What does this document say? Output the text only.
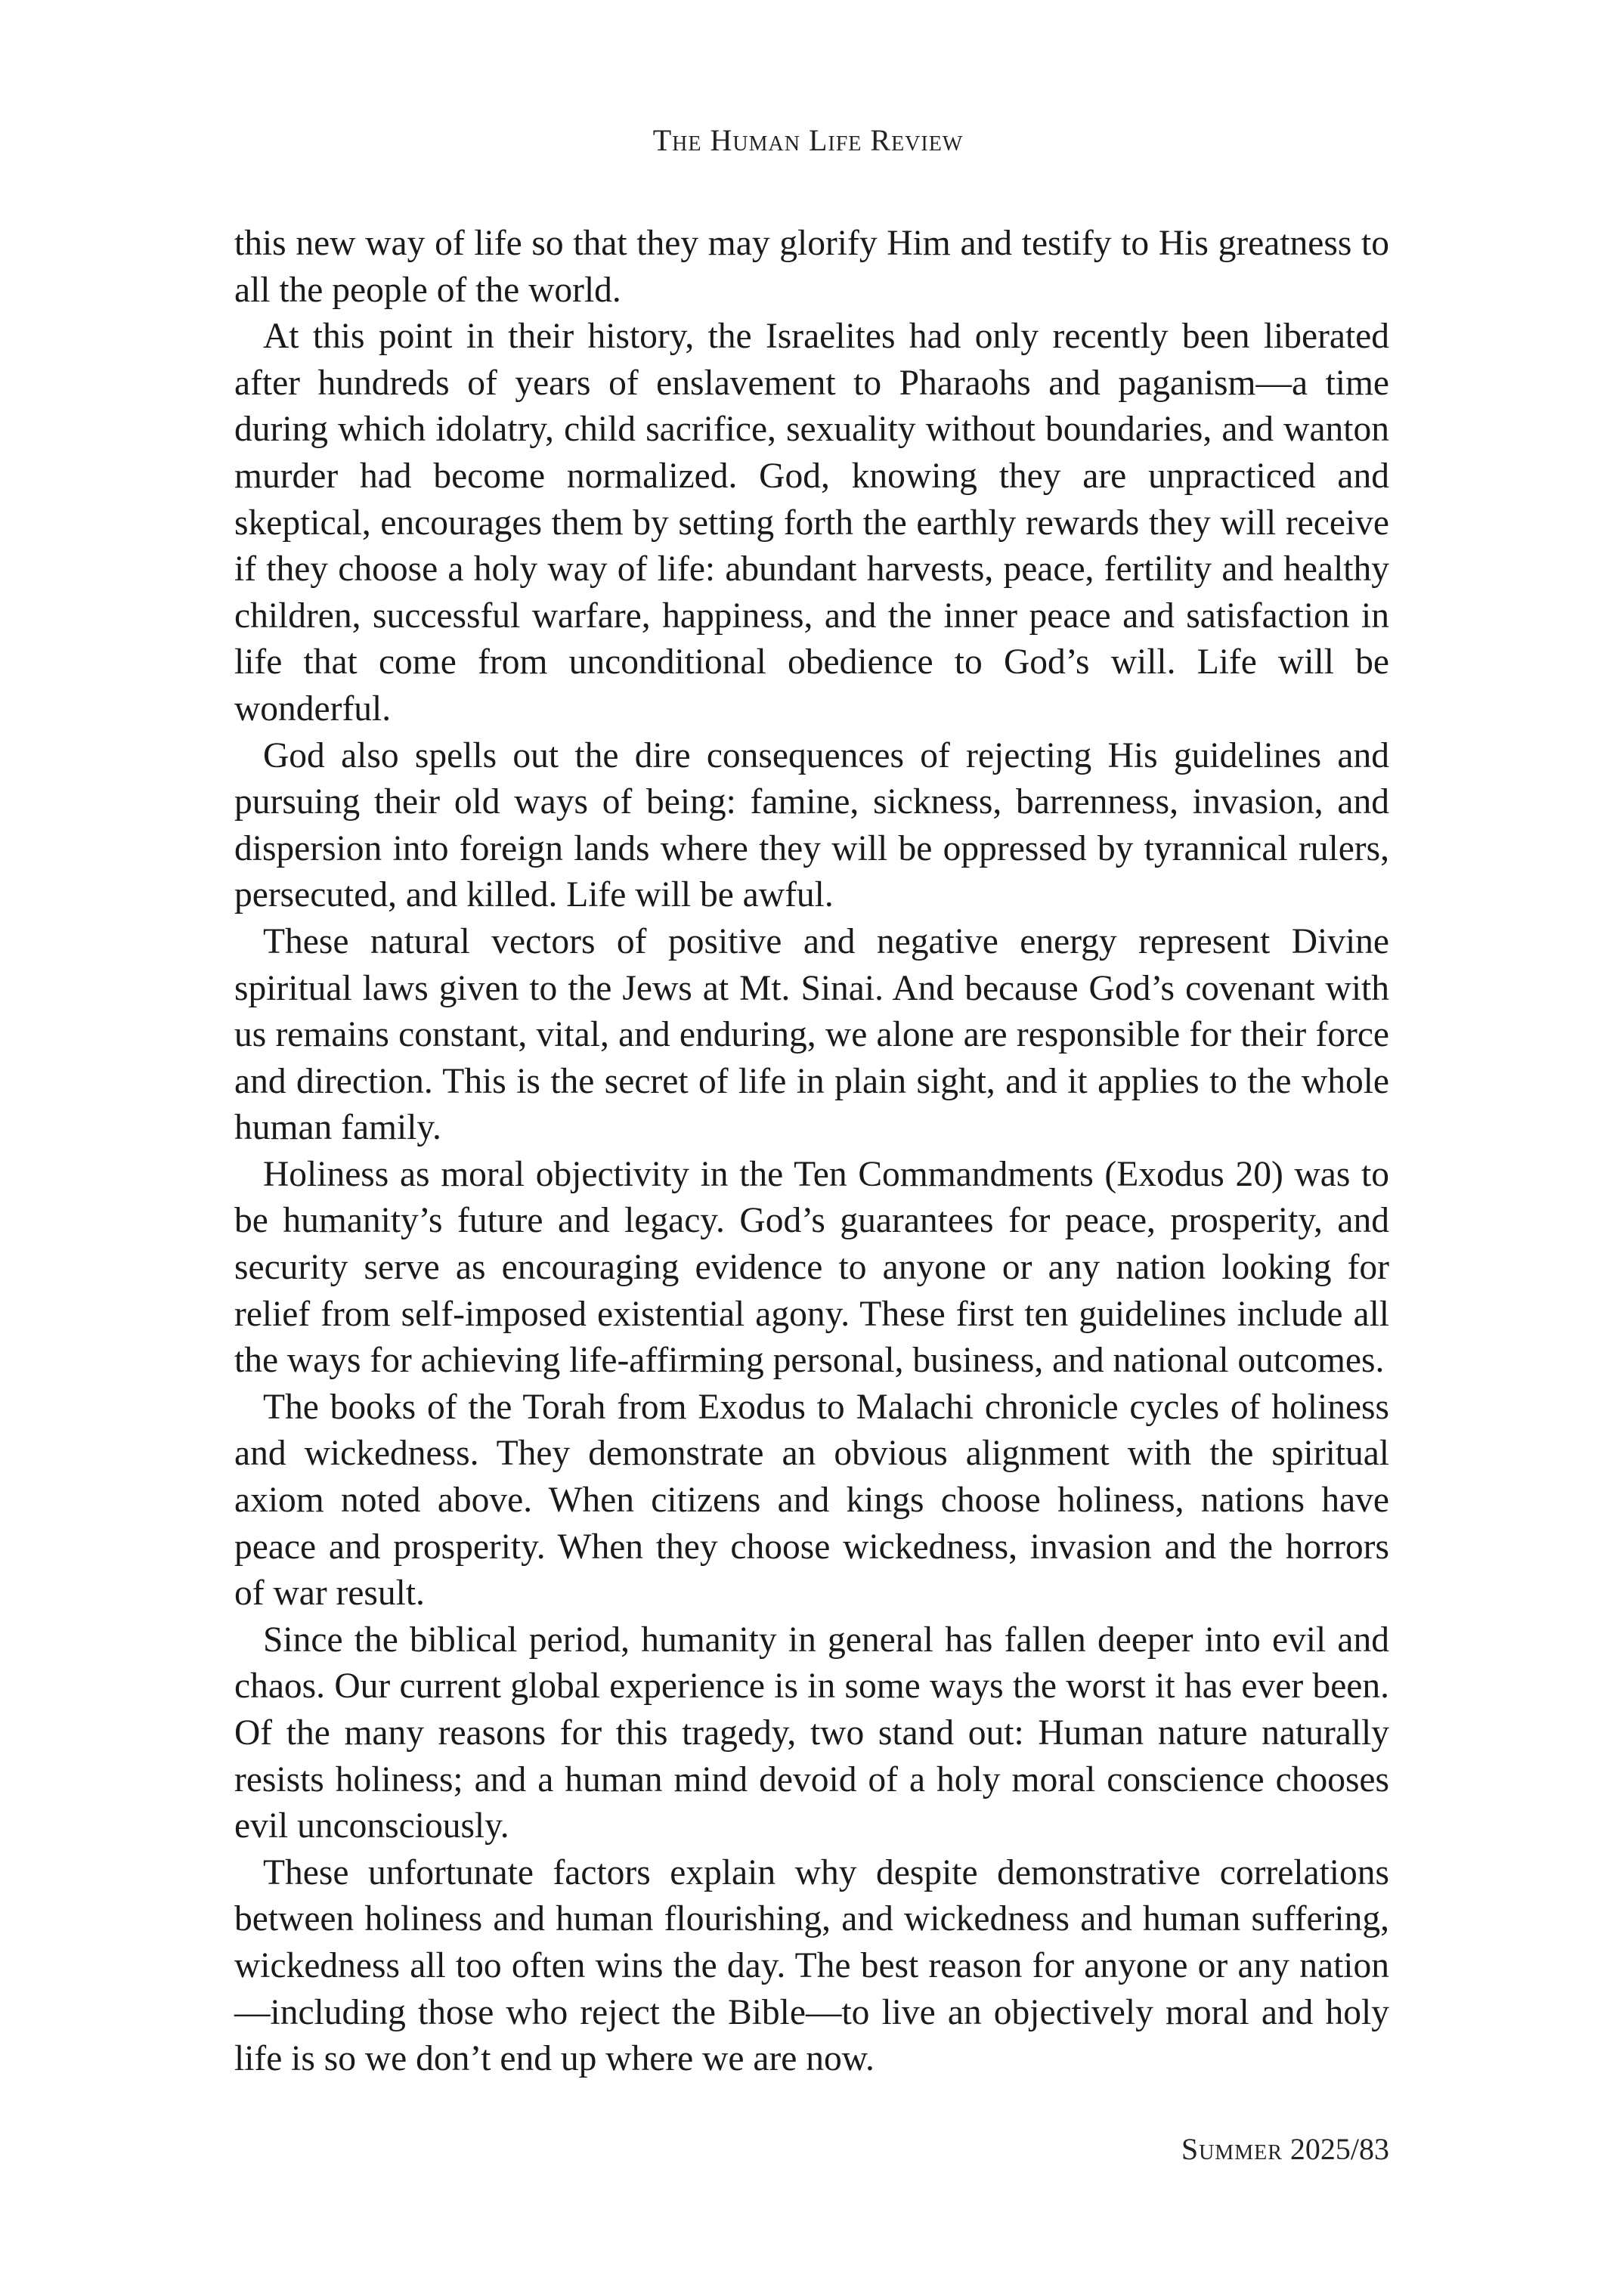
The Human Life Review

this new way of life so that they may glorify Him and testify to His greatness to all the people of the world.

At this point in their history, the Israelites had only recently been liberated after hundreds of years of enslavement to Pharaohs and paganism—a time during which idolatry, child sacrifice, sexuality without boundaries, and wanton murder had become normalized. God, knowing they are unpracticed and skeptical, encourages them by setting forth the earthly rewards they will receive if they choose a holy way of life: abundant harvests, peace, fertility and healthy children, successful warfare, happiness, and the inner peace and satisfaction in life that come from unconditional obedience to God’s will. Life will be wonderful.

God also spells out the dire consequences of rejecting His guidelines and pursuing their old ways of being: famine, sickness, barrenness, invasion, and dispersion into foreign lands where they will be oppressed by tyrannical rulers, persecuted, and killed. Life will be awful.

These natural vectors of positive and negative energy represent Divine spiritual laws given to the Jews at Mt. Sinai. And because God’s covenant with us remains constant, vital, and enduring, we alone are responsible for their force and direction. This is the secret of life in plain sight, and it applies to the whole human family.

Holiness as moral objectivity in the Ten Commandments (Exodus 20) was to be humanity’s future and legacy. God’s guarantees for peace, prosperity, and security serve as encouraging evidence to anyone or any nation looking for relief from self-imposed existential agony. These first ten guidelines include all the ways for achieving life-affirming personal, business, and national outcomes.

The books of the Torah from Exodus to Malachi chronicle cycles of holiness and wickedness. They demonstrate an obvious alignment with the spiritual axiom noted above. When citizens and kings choose holiness, nations have peace and prosperity. When they choose wickedness, invasion and the horrors of war result.

Since the biblical period, humanity in general has fallen deeper into evil and chaos. Our current global experience is in some ways the worst it has ever been. Of the many reasons for this tragedy, two stand out: Human nature naturally resists holiness; and a human mind devoid of a holy moral conscience chooses evil unconsciously.

These unfortunate factors explain why despite demonstrative correlations between holiness and human flourishing, and wickedness and human suffering, wickedness all too often wins the day. The best reason for anyone or any nation—including those who reject the Bible—to live an objectively moral and holy life is so we don’t end up where we are now.

Summer 2025/83
